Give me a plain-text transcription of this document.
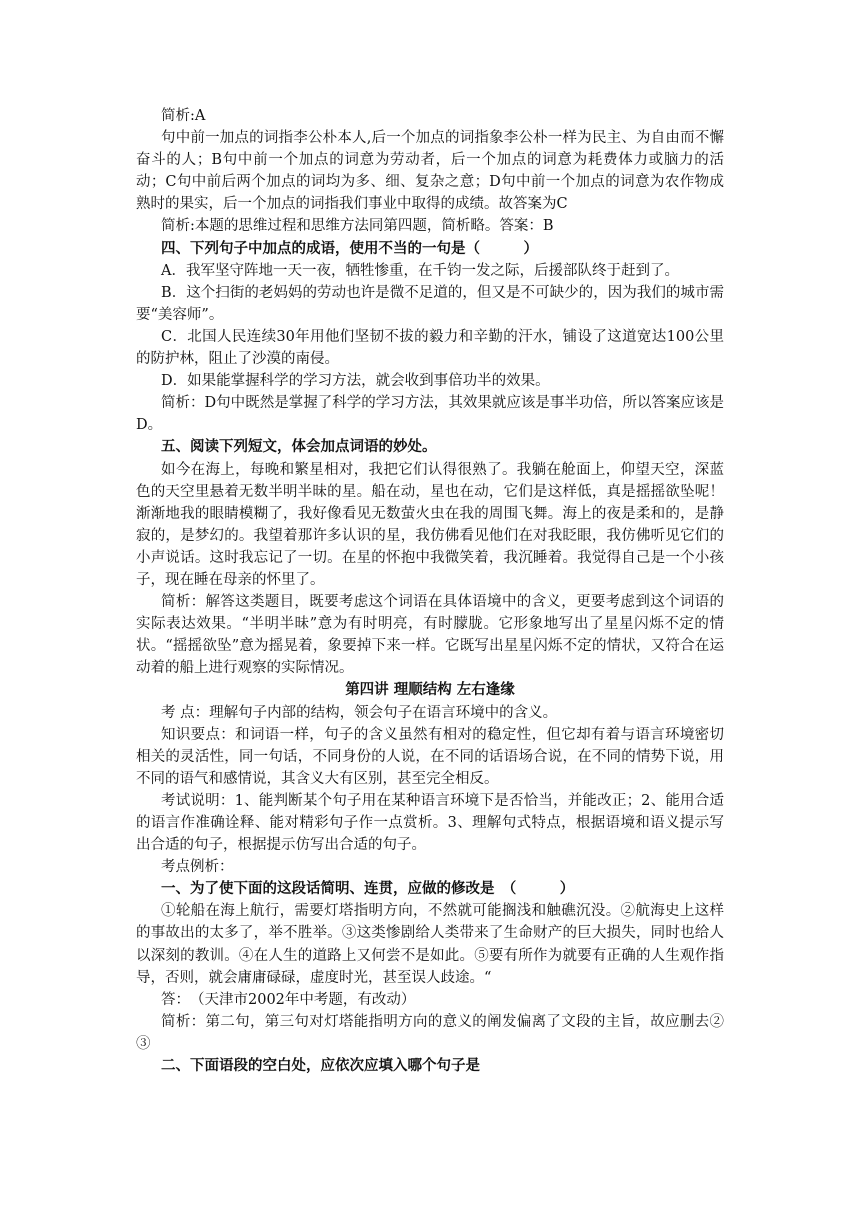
简析:A

句中前一加点的词指李公朴本人,后一个加点的词指象李公朴一样为民主、为自由而不懈奋斗的人；B句中前一个加点的词意为劳动者，后一个加点的词意为耗费体力或脑力的活动；C句中前后两个加点的词均为多、细、复杂之意；D句中前一个加点的词意为农作物成熟时的果实，后一个加点的词指我们事业中取得的成绩。故答案为C

简析:本题的思维过程和思维方法同第四题，简析略。答案：B

四、下列句子中加点的成语，使用不当的一句是（　　　）

A．我军坚守阵地一天一夜，牺牲惨重，在千钧一发之际，后援部队终于赶到了。

B．这个扫街的老妈妈的劳动也许是微不足道的，但又是不可缺少的，因为我们的城市需要“美容师”。

C．北国人民连续30年用他们坚韧不拔的毅力和辛勤的汗水，铺设了这道宽达100公里的防护林，阻止了沙漠的南侵。

D．如果能掌握科学的学习方法，就会收到事倍功半的效果。

简析：D句中既然是掌握了科学的学习方法，其效果就应该是事半功倍，所以答案应该是D。

五、阅读下列短文，体会加点词语的妙处。

如今在海上，每晚和繁星相对，我把它们认得很熟了。我躺在舱面上，仰望天空，深蓝色的天空里悬着无数半明半昧的星。船在动，星也在动，它们是这样低，真是摇摇欲坠呢！渐渐地我的眼睛模糊了，我好像看见无数萤火虫在我的周围飞舞。海上的夜是柔和的，是静寂的，是梦幻的。我望着那许多认识的星，我仿佛看见他们在对我眨眼，我仿佛听见它们的小声说话。这时我忘记了一切。在星的怀抱中我微笑着，我沉睡着。我觉得自己是一个小孩子，现在睡在母亲的怀里了。

简析：解答这类题目，既要考虑这个词语在具体语境中的含义，更要考虑到这个词语的实际表达效果。“半明半昧”意为有时明亮，有时朦胧。它形象地写出了星星闪烁不定的情状。“摇摇欲坠”意为摇晃着，象要掉下来一样。它既写出星星闪烁不定的情状，又符合在运动着的船上进行观察的实际情况。

第四讲 理顺结构 左右逢缘

考 点：理解句子内部的结构，领会句子在语言环境中的含义。

知识要点：和词语一样，句子的含义虽然有相对的稳定性，但它却有着与语言环境密切相关的灵活性，同一句话，不同身份的人说，在不同的话语场合说，在不同的情势下说，用不同的语气和感情说，其含义大有区别，甚至完全相反。

考试说明：1、能判断某个句子用在某种语言环境下是否恰当，并能改正；2、能用合适的语言作准确诠释、能对精彩句子作一点赏析。3、理解句式特点，根据语境和语义提示写出合适的句子，根据提示仿写出合适的句子。

考点例析：

一、为了使下面的这段话简明、连贯，应做的修改是　（　　　）

①轮船在海上航行，需要灯塔指明方向，不然就可能搁浅和触礁沉没。②航海史上这样的事故出的太多了，举不胜举。③这类惨剧给人类带来了生命财产的巨大损失，同时也给人以深刻的教训。④在人生的道路上又何尝不是如此。⑤要有所作为就要有正确的人生观作指导，否则，就会庸庸碌碌，虚度时光，甚至误人歧途。“

答：　（天津市2002年中考题，有改动）

简析：第二句，第三句对灯塔能指明方向的意义的阐发偏离了文段的主旨，故应删去②③

二、下面语段的空白处，应依次应填入哪个句子是
